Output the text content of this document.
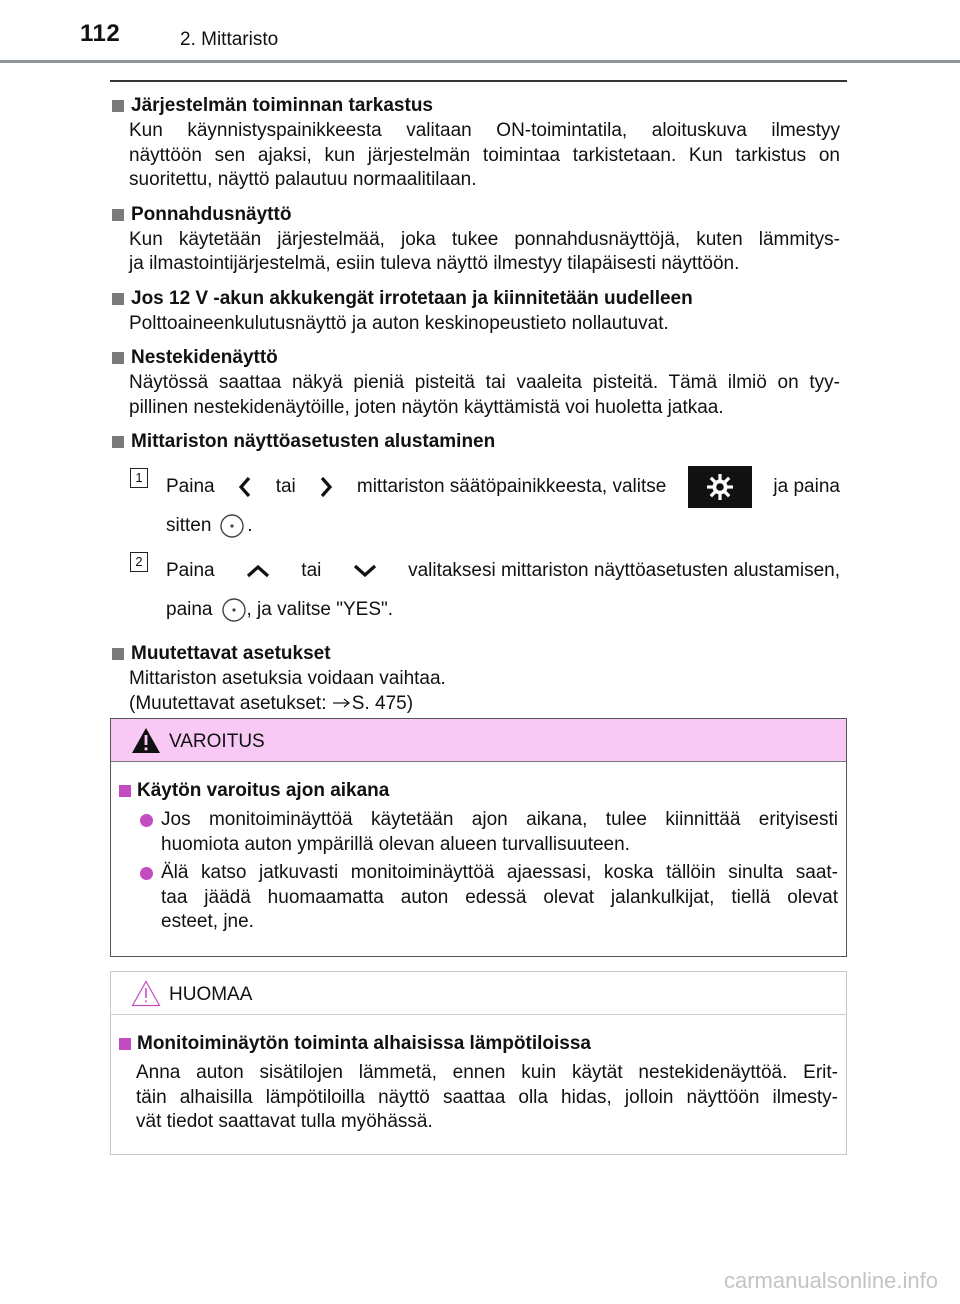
112	2. Mittaristo
Järjestelmän toiminnan tarkastus
Kun käynnistyspainikkeesta valitaan ON-toimintatila, aloituskuva ilmestyy
näyttöön sen ajaksi, kun järjestelmän toimintaa tarkistetaan. Kun tarkistus on
suoritettu, näyttö palautuu normaalitilaan.
Ponnahdusnäyttö
Kun käytetään järjestelmää, joka tukee ponnahdusnäyttöjä, kuten lämmitys-
ja ilmastointijärjestelmä, esiin tuleva näyttö ilmestyy tilapäisesti näyttöön.
Jos 12 V -akun akkukengät irrotetaan ja kiinnitetään uudelleen
Polttoaineenkulutusnäyttö ja auton keskinopeustieto nollautuvat.
Nestekidenäyttö
Näytössä saattaa näkyä pieniä pisteitä tai vaaleita pisteitä. Tämä ilmiö on tyy-
pillinen nestekidenäytöille, joten näytön käyttämistä voi huoletta jatkaa.
Mittariston näyttöasetusten alustaminen
1 Paina	tai	mittariston säätöpainikkeesta, valitse	ja paina
sitten .
2 Paina	tai	valitaksesi mittariston näyttöasetusten alustamisen,
paina , ja valitse "YES".
Muutettavat asetukset
Mittariston asetuksia voidaan vaihtaa.
(Muutettavat asetukset: S. 475)
VAROITUS
Käytön varoitus ajon aikana
Jos monitoiminäyttöä käytetään ajon aikana, tulee kiinnittää erityisesti
huomiota auton ympärillä olevan alueen turvallisuuteen.
Älä katso jatkuvasti monitoiminäyttöä ajaessasi, koska tällöin sinulta saat-
taa jäädä huomaamatta auton edessä olevat jalankulkijat, tiellä olevat
esteet, jne.
HUOMAA
Monitoiminäytön toiminta alhaisissa lämpötiloissa
Anna auton sisätilojen lämmetä, ennen kuin käytät nestekidenäyttöä. Erit-
täin alhaisilla lämpötiloilla näyttö saattaa olla hidas, jolloin näyttöön ilmesty-
vät tiedot saattavat tulla myöhässä.
carmanualsonline.info
